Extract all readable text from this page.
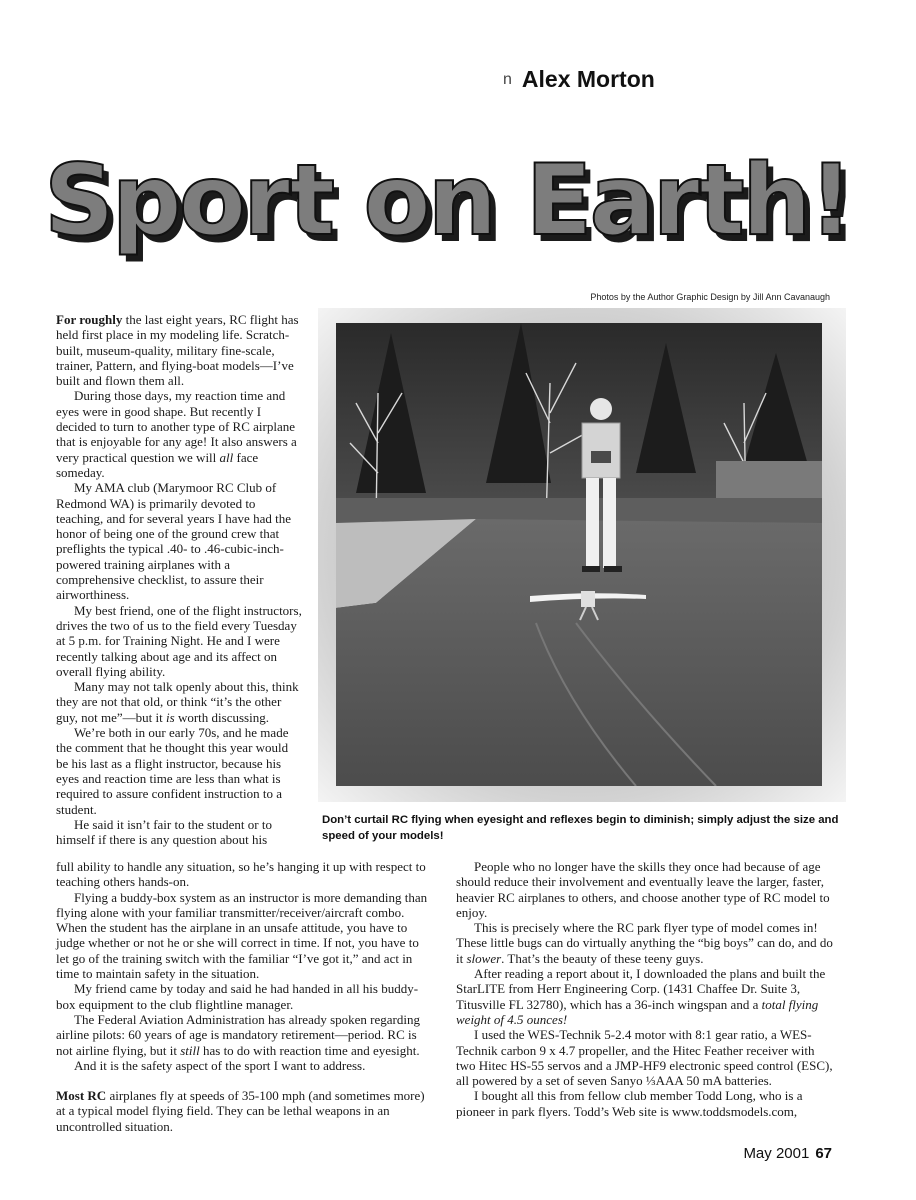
n Alex Morton
Sport on Earth!
Photos by the Author Graphic Design by Jill Ann Cavanaugh
Don’t curtail RC flying when eyesight and reflexes begin to diminish; simply adjust the size and speed of your models!

For roughly the last eight years, RC flight has held first place in my modeling life. Scratch-built, museum-quality, military fine-scale, trainer, Pattern, and flying-boat models—I’ve built and flown them all.

During those days, my reaction time and eyes were in good shape. But recently I decided to turn to another type of RC airplane that is enjoyable for any age! It also answers a very practical question we will all face someday.

My AMA club (Marymoor RC Club of Redmond WA) is primarily devoted to teaching, and for several years I have had the honor of being one of the ground crew that preflights the typical .40- to .46-cubic-inch-powered training airplanes with a comprehensive checklist, to assure their airworthiness.

My best friend, one of the flight instructors, drives the two of us to the field every Tuesday at 5 p.m. for Training Night. He and I were recently talking about age and its affect on overall flying ability.

Many may not talk openly about this, think they are not that old, or think “it’s the other guy, not me”—but it is worth discussing.

We’re both in our early 70s, and he made the comment that he thought this year would be his last as a flight instructor, because his eyes and reaction time are less than what is required to assure confident instruction to a student.

He said it isn’t fair to the student or to himself if there is any question about his

full ability to handle any situation, so he’s hanging it up with respect to teaching others hands-on.

Flying a buddy-box system as an instructor is more demanding than flying alone with your familiar transmitter/receiver/aircraft combo. When the student has the airplane in an unsafe attitude, you have to judge whether or not he or she will correct in time. If not, you have to let go of the training switch with the familiar “I’ve got it,” and act in time to maintain safety in the situation.

My friend came by today and said he had handed in all his buddy-box equipment to the club flightline manager.

The Federal Aviation Administration has already spoken regarding airline pilots: 60 years of age is mandatory retirement—period. RC is not airline flying, but it still has to do with reaction time and eyesight.

And it is the safety aspect of the sport I want to address.

Most RC airplanes fly at speeds of 35-100 mph (and sometimes more) at a typical model flying field. They can be lethal weapons in an uncontrolled situation.

People who no longer have the skills they once had because of age should reduce their involvement and eventually leave the larger, faster, heavier RC airplanes to others, and choose another type of RC model to enjoy.

This is precisely where the RC park flyer type of model comes in! These little bugs can do virtually anything the “big boys” can do, and do it slower. That’s the beauty of these teeny guys.

After reading a report about it, I downloaded the plans and built the StarLITE from Herr Engineering Corp. (1431 Chaffee Dr. Suite 3, Titusville FL 32780), which has a 36-inch wingspan and a total flying weight of 4.5 ounces!

I used the WES-Technik 5-2.4 motor with 8:1 gear ratio, a WES-Technik carbon 9 x 4.7 propeller, and the Hitec Feather receiver with two Hitec HS-55 servos and a JMP-HF9 electronic speed control (ESC), all powered by a set of seven Sanyo ⅓AAA 50 mA batteries.

I bought all this from fellow club member Todd Long, who is a pioneer in park flyers. Todd’s Web site is www.toddsmodels.com,

May 2001 67
